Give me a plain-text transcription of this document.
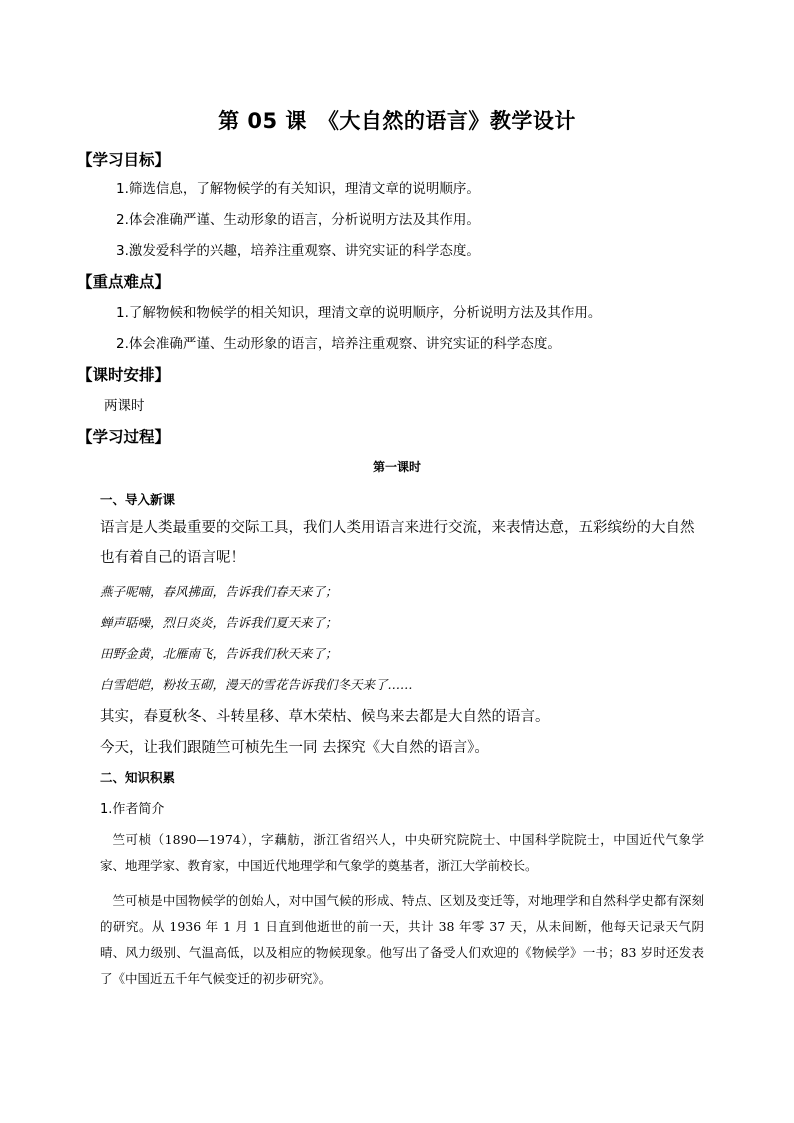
第 05 课　《大自然的语言》教学设计
【学习目标】
1.筛选信息，了解物候学的有关知识，理清文章的说明顺序。
2.体会准确严谨、生动形象的语言，分析说明方法及其作用。
3.激发爱科学的兴趣，培养注重观察、讲究实证的科学态度。
【重点难点】
1.了解物候和物候学的相关知识，理清文章的说明顺序，分析说明方法及其作用。
2.体会准确严谨、生动形象的语言，培养注重观察、讲究实证的科学态度。
【课时安排】
两课时
【学习过程】
第一课时
一、导入新课
语言是人类最重要的交际工具，我们人类用语言来进行交流，来表情达意，五彩缤纷的大自然也有着自己的语言呢！
燕子呢喃，春风拂面，告诉我们春天来了；
蝉声聒噪，烈日炎炎，告诉我们夏天来了；
田野金黄，北雁南飞，告诉我们秋天来了；
白雪皑皑，粉妆玉砌，漫天的雪花告诉我们冬天来了……
其实，春夏秋冬、斗转星移、草木荣枯、候鸟来去都是大自然的语言。
今天，让我们跟随竺可桢先生一同 去探究《大自然的语言》。
二、知识积累
1.作者简介
竺可桢（1890—1974），字藕舫，浙江省绍兴人，中央研究院院士、中国科学院院士，中国近代气象学家、地理学家、教育家，中国近代地理学和气象学的奠基者，浙江大学前校长。
竺可桢是中国物候学的创始人，对中国气候的形成、特点、区划及变迁等，对地理学和自然科学史都有深刻的研究。从 1936 年 1 月 1 日直到他逝世的前一天，共计 38 年零 37 天，从未间断，他每天记录天气阴晴、风力级别、气温高低，以及相应的物候现象。他写出了备受人们欢迎的《物候学》一书；83 岁时还发表了《中国近五千年气候变迁的初步研究》。
